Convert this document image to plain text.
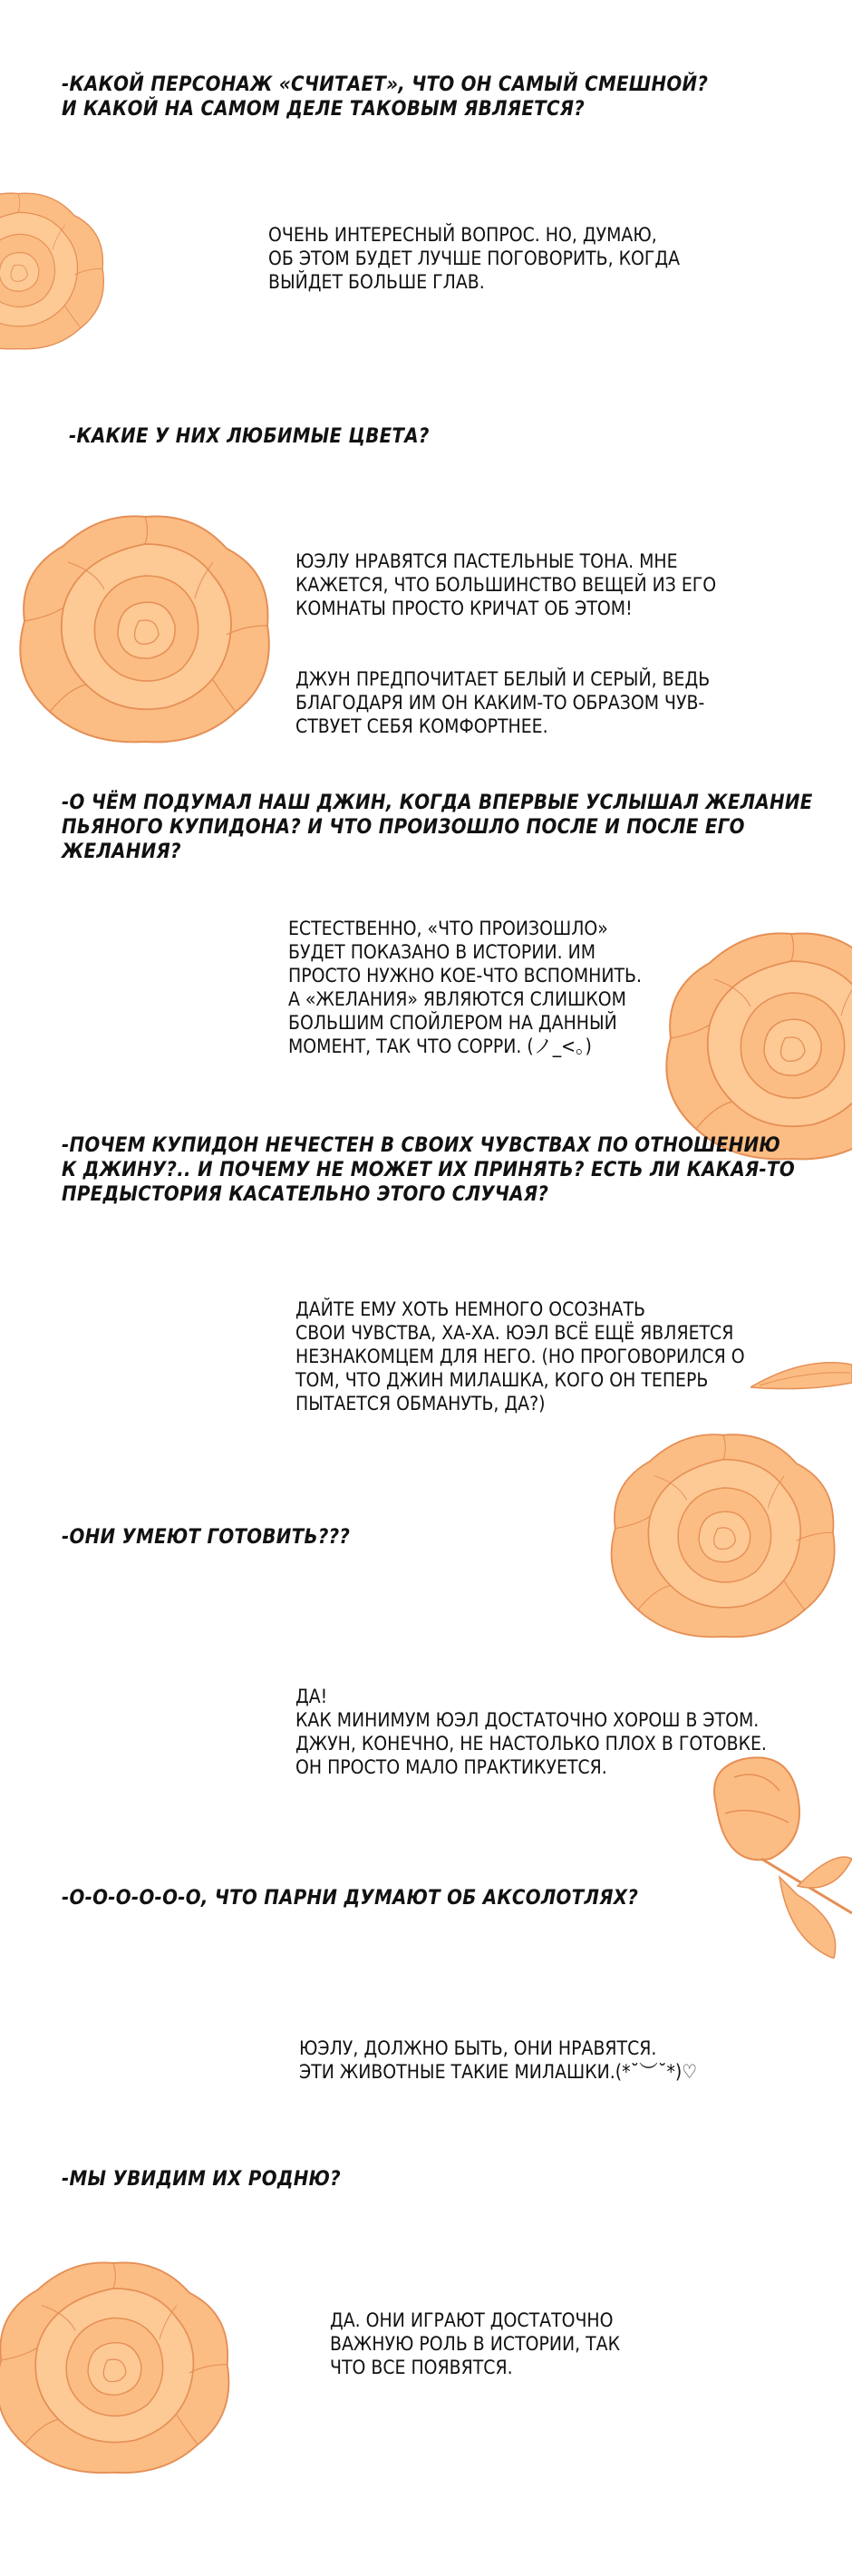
-КАКОЙ ПЕРСОНАЖ «СЧИТАЕТ», ЧТО ОН САМЫЙ СМЕШНОЙ?
И КАКОЙ НА САМОМ ДЕЛЕ ТАКОВЫМ ЯВЛЯЕТСЯ?

ОЧЕНЬ ИНТЕРЕСНЫЙ ВОПРОС. НО, ДУМАЮ,
ОБ ЭТОМ БУДЕТ ЛУЧШЕ ПОГОВОРИТЬ, КОГДА
ВЫЙДЕТ БОЛЬШЕ ГЛАВ.

-КАКИЕ У НИХ ЛЮБИМЫЕ ЦВЕТА?

ЮЭЛУ НРАВЯТСЯ ПАСТЕЛЬНЫЕ ТОНА. МНЕ
КАЖЕТСЯ, ЧТО БОЛЬШИНСТВО ВЕЩЕЙ ИЗ ЕГО
КОМНАТЫ ПРОСТО КРИЧАТ ОБ ЭТОМ!

ДЖУН ПРЕДПОЧИТАЕТ БЕЛЫЙ И СЕРЫЙ, ВЕДЬ
БЛАГОДАРЯ ИМ ОН КАКИМ-ТО ОБРАЗОМ ЧУВ-
СТВУЕТ СЕБЯ КОМФОРТНЕЕ.

-О ЧЁМ ПОДУМАЛ НАШ ДЖИН, КОГДА ВПЕРВЫЕ УСЛЫШАЛ ЖЕЛАНИЕ
ПЬЯНОГО КУПИДОНА? И ЧТО ПРОИЗОШЛО ПОСЛЕ И ПОСЛЕ ЕГО ЖЕЛАНИЯ?

ЕСТЕСТВЕННО, «ЧТО ПРОИЗОШЛО»
БУДЕТ ПОКАЗАНО В ИСТОРИИ. ИМ
ПРОСТО НУЖНО КОЕ-ЧТО ВСПОМНИТЬ.
А «ЖЕЛАНИЯ» ЯВЛЯЮТСЯ СЛИШКОМ
БОЛЬШИМ СПОЙЛЕРОМ НА ДАННЫЙ
МОМЕНТ, ТАК ЧТО СОРРИ. (ノ_<。)

-ПОЧЕМ КУПИДОН НЕЧЕСТЕН В СВОИХ ЧУВСТВАХ ПО ОТНОШЕНИЮ
К ДЖИНУ?.. И ПОЧЕМУ НЕ МОЖЕТ ИХ ПРИНЯТЬ? ЕСТЬ ЛИ КАКАЯ-ТО
ПРЕДЫСТОРИЯ КАСАТЕЛЬНО ЭТОГО СЛУЧАЯ?

ДАЙТЕ ЕМУ ХОТЬ НЕМНОГО ОСОЗНАТЬ
СВОИ ЧУВСТВА, ХА-ХА. ЮЭЛ ВСЁ ЕЩЁ ЯВЛЯЕТСЯ
НЕЗНАКОМЦЕМ ДЛЯ НЕГО. (НО ПРОГОВОРИЛСЯ О
ТОМ, ЧТО ДЖИН МИЛАШКА, КОГО ОН ТЕПЕРЬ
ПЫТАЕТСЯ ОБМАНУТЬ, ДА?)

-ОНИ УМЕЮТ ГОТОВИТЬ???

ДА!
КАК МИНИМУМ ЮЭЛ ДОСТАТОЧНО ХОРОШ В ЭТОМ.
ДЖУН, КОНЕЧНО, НЕ НАСТОЛЬКО ПЛОХ В ГОТОВКЕ.
ОН ПРОСТО МАЛО ПРАКТИКУЕТСЯ.

-О-О-О-О-О-О, ЧТО ПАРНИ ДУМАЮТ ОБ АКСОЛОТЛЯХ?

ЮЭЛУ, ДОЛЖНО БЫТЬ, ОНИ НРАВЯТСЯ.
ЭТИ ЖИВОТНЫЕ ТАКИЕ МИЛАШКИ.(*˘︶˘*)♡

-МЫ УВИДИМ ИХ РОДНЮ?

ДА. ОНИ ИГРАЮТ ДОСТАТОЧНО
ВАЖНУЮ РОЛЬ В ИСТОРИИ, ТАК
ЧТО ВСЕ ПОЯВЯТСЯ.
